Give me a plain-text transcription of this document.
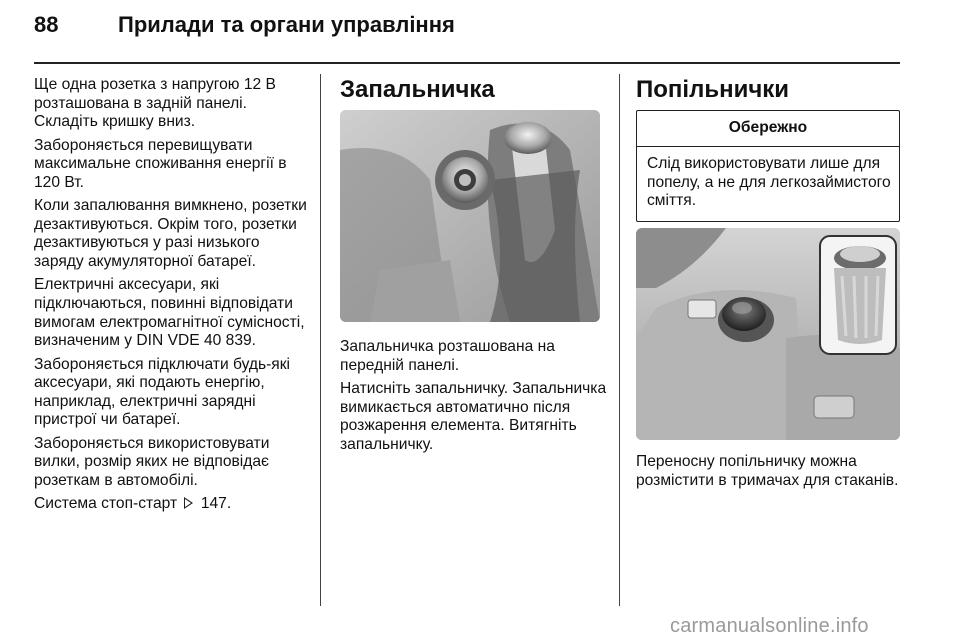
88	Прилади та органи управління

Ще одна розетка з напругою 12 В розташована в задній панелі. Складіть кришку вниз.

Забороняється перевищувати максимальне споживання енергії в 120 Вт.

Коли запалювання вимкнено, розетки дезактивуються. Окрім того, розетки дезактивуються у разі низького заряду акумуляторної батареї.

Електричні аксесуари, які підключаються, повинні відповідати вимогам електромагнітної сумісності, визначеним у DIN VDE 40 839.

Забороняється підключати будь-які аксесуари, які подають енергію, наприклад, електричні зарядні пристрої чи батареї.

Забороняється використовувати вилки, розмір яких не відповідає розеткам в автомобілі.

Система стоп-старт 147.

Запальничка

Запальничка розташована на передній панелі.

Натисніть запальничку. Запальничка вимикається автоматично після розжарення елемента. Витягніть запальничку.

Попільнички
Обережно
Слід використовувати лише для попелу, а не для легкозаймистого сміття.

Переносну попільничку можна розмістити в тримачах для стаканів.

carmanualsonline.info
